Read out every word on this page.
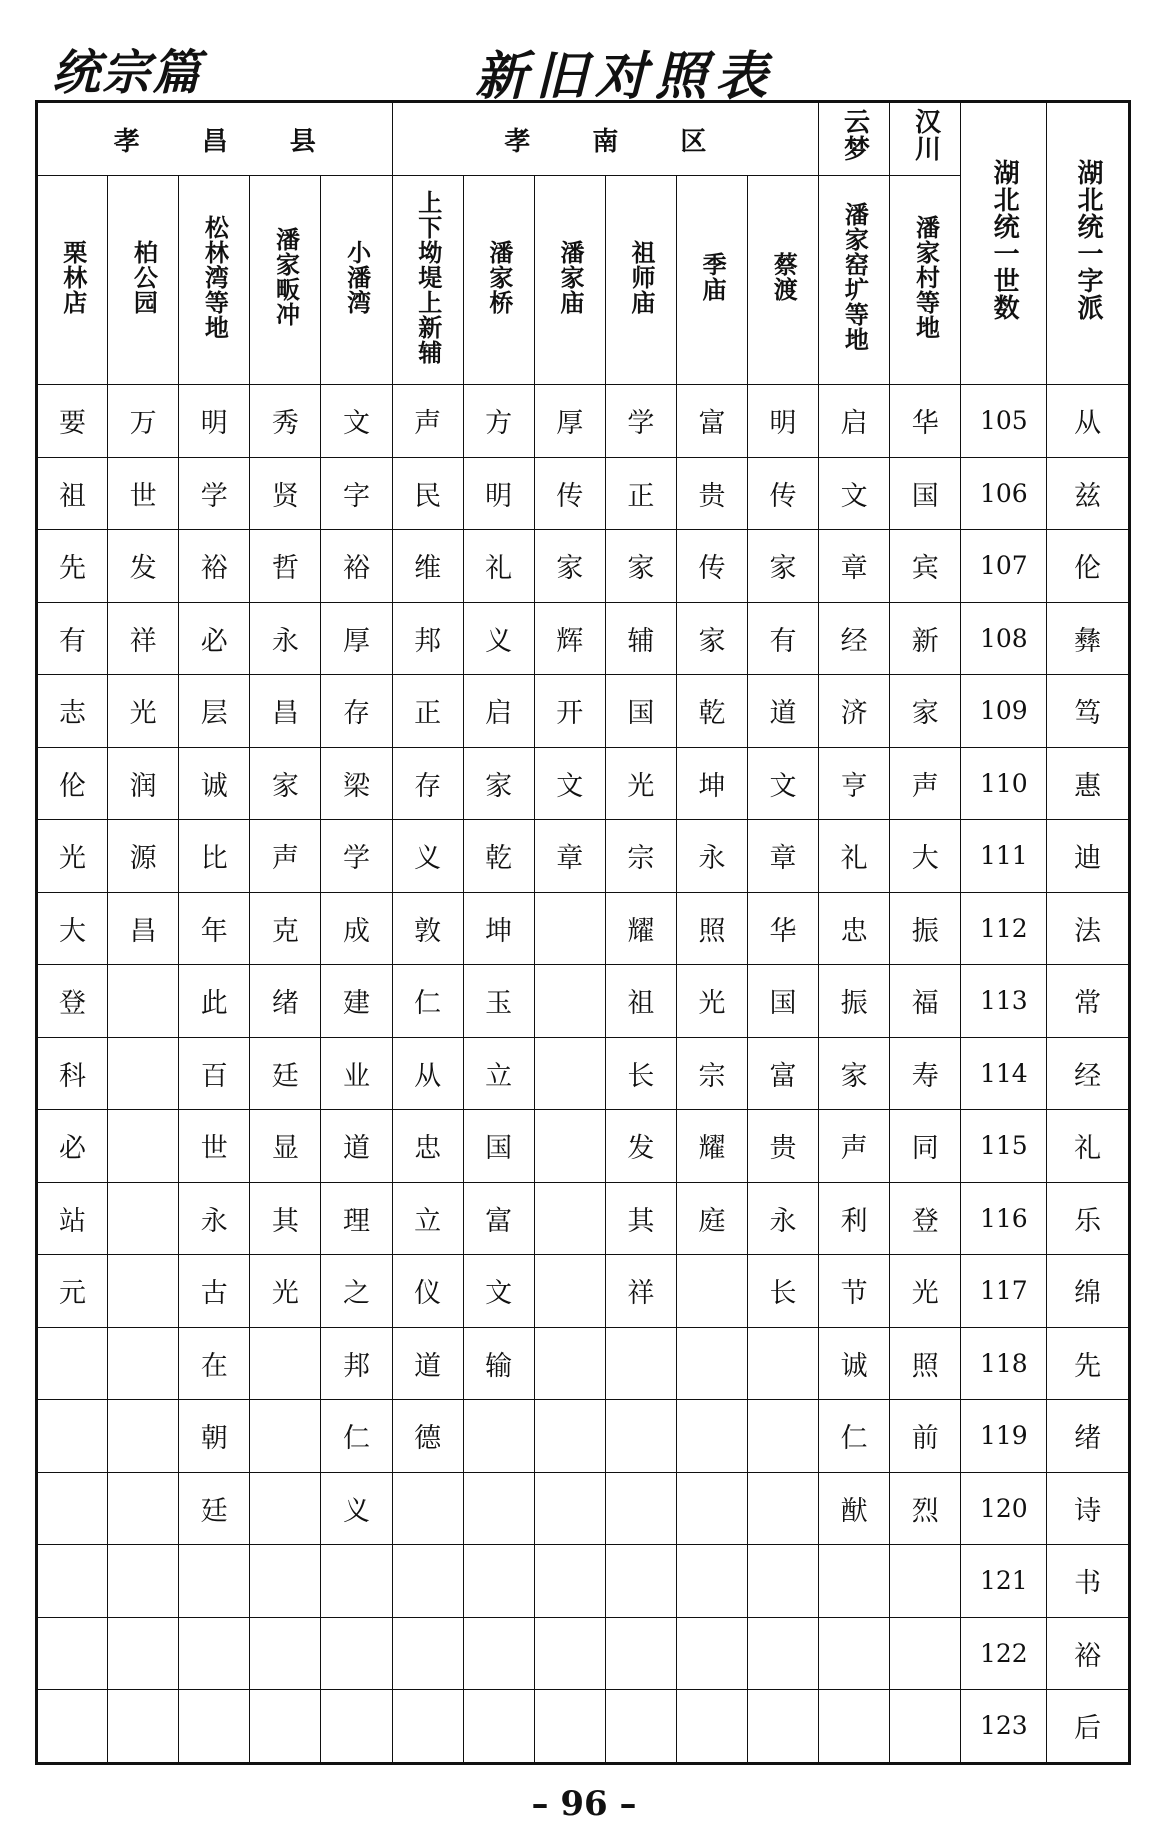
统宗篇	新旧对照表
孝昌县					孝南区						云梦	汉川	湖北统一世数	湖北统一字派
栗林店	柏公园	松林湾等地	潘家畈冲	小潘湾	上下坳堤上新辅	潘家桥	潘家庙	祖师庙	季庙	蔡渡	潘家窑圹等地	潘家村等地		
要	万	明	秀	文	声	方	厚	学	富	明	启	华	105	从
祖	世	学	贤	字	民	明	传	正	贵	传	文	国	106	兹
先	发	裕	哲	裕	维	礼	家	家	传	家	章	宾	107	伦
有	祥	必	永	厚	邦	义	辉	辅	家	有	经	新	108	彝
志	光	层	昌	存	正	启	开	国	乾	道	济	家	109	笃
伦	润	诚	家	梁	存	家	文	光	坤	文	亨	声	110	惠
光	源	比	声	学	义	乾	章	宗	永	章	礼	大	111	迪
大	昌	年	克	成	敦	坤		耀	照	华	忠	振	112	法
登		此	绪	建	仁	玉		祖	光	国	振	福	113	常
科		百	廷	业	从	立		长	宗	富	家	寿	114	经
必		世	显	道	忠	国		发	耀	贵	声	同	115	礼
站		永	其	理	立	富		其	庭	永	利	登	116	乐
元		古	光	之	仪	文		祥		长	节	光	117	绵
		在		邦	道	输					诚	照	118	先
		朝		仁	德						仁	前	119	绪
		廷		义							猷	烈	120	诗
													121	书
													122	裕
													123	后
– 96 –
